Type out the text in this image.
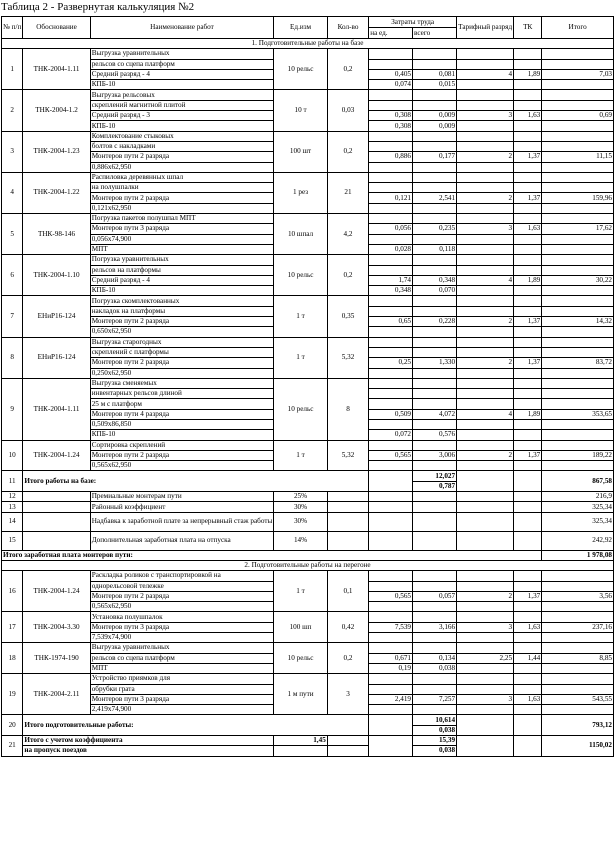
Таблица 2 - Развернутая калькуляция №2
№ п/п	Обоснование	Наименование работ	Ед.изм	Кол-во	Затраты труда		Тарифный разряд	ТК	Итого
					на ед.	всего			
1. Подготовительные работы на базе									
1	ТНК-2004-1.11	Выгрузка уравнительных	10 рельс	0,2					
		рельсов со сцепа платформ							
		Средний разряд - 4			0,405	0,081	4	1,89	7,03
		КПБ-10			0,074	0,015			
2	ТНК-2004-1.2	Выгрузка рельсовых	10 т	0,03					
		скреплений магнитной плитой							
		Средний разряд - 3			0,308	0,009	3	1,63	0,69
		КПБ-10			0,308	0,009			
3	ТНК-2004-1.23	Комплектование стыковых	100 шт	0,2					
		болтов с накладками							
		Монтеров пути 2 разряда			0,886	0,177	2	1,37	11,15
		0,886х62,950							
4	ТНК-2004-1.22	Распиловка деревянных шпал	1 рез	21					
		на полушпалки							
		Монтеров пути 2 разряда			0,121	2,541	2	1,37	159,96
		0,121х62,950							
5	ТНК-98-146	Погрузка пакетов полушпал МПТ	10 шпал	4,2					
		Монтеров пути 3 разряда			0,056	0,235	3	1,63	17,62
		0,056х74,900							
		МПТ			0,028	0,118			
6	ТНК-2004-1.10	Погрузка уравнительных	10 рельс	0,2					
		рельсов на платформы							
		Средний разряд - 4			1,74	0,348	4	1,89	30,22
		КПБ-10			0,348	0,070			
7	ЕНиР16-124	Погрузка скомплектованных	1 т	0,35					
		накладок на платформы							
		Монтеров пути 2 разряда			0,65	0,228	2	1,37	14,32
		0,650х62,950							
8	ЕНиР16-124	Выгрузка старогодных	1 т	5,32					
		скреплений с платформы							
		Монтеров пути 2 разряда			0,25	1,330	2	1,37	83,72
		0,250х62,950							
9	ТНК-2004-1.11	Выгрузка сменяемых	10 рельс	8					
		инвентарных рельсов длиной							
		25 м с платформ							
		Монтеров пути 4 разряда			0,509	4,072	4	1,89	353,65
		0,509х86,850							
		КПБ-10			0,072	0,576			
10	ТНК-2004-1.24	Сортировка скреплений	1 т	5,32					
		Монтеров пути 2 разряда			0,565	3,006	2	1,37	189,22
		0,565х62,950							
11	Итого работы на базе:					12,027			867,58
						0,787			
12		Премиальные монтерам пути	25%						216,9
13		Районный коэффициент	30%						325,34
14		Надбавка к заработной плате за непрерывный стаж работы	30%						325,34
15		Дополнительная заработная плата на отпуска	14%						242,92
Итого заработная плата монтеров пути:									1 978,08
2. Подготовительные работы на перегоне									
16	ТНК-2004-1.24	Раскладка роликов с транспортировкой на	1 т	0,1					
		однорельсовой тележке							
		Монтеров пути 2 разряда			0,565	0,057	2	1,37	3,56
		0,565х62,950							
17	ТНК-2004-3.30	Установка полушпалок	100 шп	0,42					
		Монтеров пути 3 разряда			7,539	3,166	3	1,63	237,16
		7,539х74,900							
18	ТНК-1974-190	Выгрузка уравнительных	10 рельс	0,2					
		рельсов со сцепа платформ			0,671	0,134	2,25	1,44	8,85
		МПТ			0,19	0,038			
19	ТНК-2004-2.11	Устройство приямков для	1 м пути	3					
		обрубки грата							
		Монтеров пути 3 разряда			2,419	7,257	3	1,63	543,55
		2,419х74,900							
20	Итого подготовительные работы:					10,614			793,12
						0,038			
21	Итого с учетом коэффициента		1,45			15,39			1150,02
	на пропуск поездов					0,038			
